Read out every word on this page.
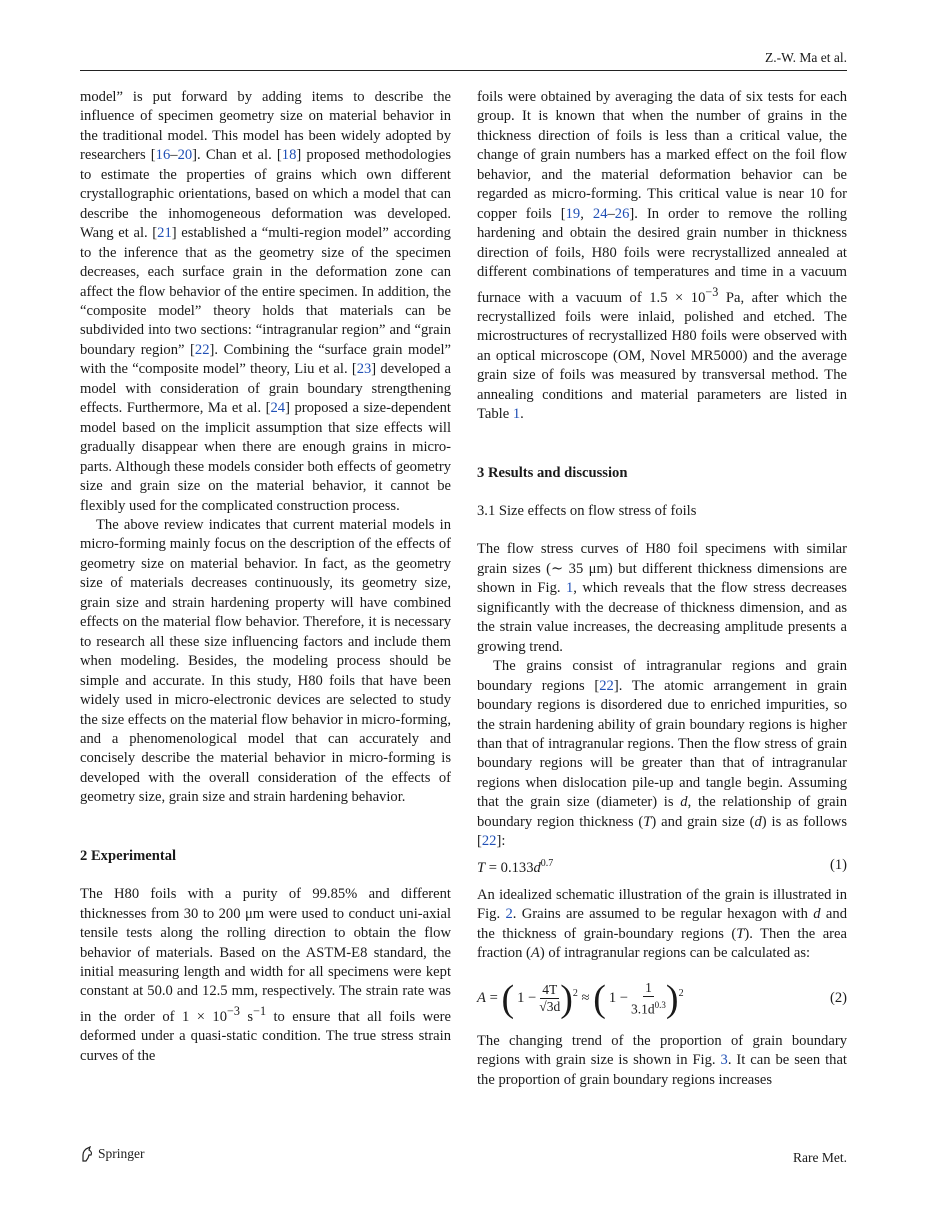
Z.-W. Ma et al.

model” is put forward by adding items to describe the influence of specimen geometry size on material behavior in the traditional model. This model has been widely adopted by researchers [16–20]. Chan et al. [18] proposed methodologies to estimate the properties of grains which own different crystallographic orientations, based on which a model that can describe the inhomogeneous deformation was developed. Wang et al. [21] established a “multi-region model” according to the inference that as the geometry size of the specimen decreases, each surface grain in the deformation zone can affect the flow behavior of the entire specimen. In addition, the “composite model” theory holds that materials can be subdivided into two sections: “intragranular region” and “grain boundary region” [22]. Combining the “surface grain model” with the “composite model” theory, Liu et al. [23] developed a model with consideration of grain boundary strengthening effects. Furthermore, Ma et al. [24] proposed a size-dependent model based on the implicit assumption that size effects will gradually disappear when there are enough grains in micro-parts. Although these models consider both effects of geometry size and grain size on the material behavior, it cannot be flexibly used for the complicated construction process.

The above review indicates that current material models in micro-forming mainly focus on the description of the effects of geometry size on material behavior. In fact, as the geometry size of materials decreases continuously, its geometry size, grain size and strain hardening property will have combined effects on the material flow behavior. Therefore, it is necessary to research all these size influencing factors and include them when modeling. Besides, the modeling process should be simple and accurate. In this study, H80 foils that have been widely used in micro-electronic devices are selected to study the size effects on the material flow behavior in micro-forming, and a phenomenological model that can accurately and concisely describe the material behavior in micro-forming is developed with the overall consideration of the effects of geometry size, grain size and strain hardening behavior.

2 Experimental

The H80 foils with a purity of 99.85% and different thicknesses from 30 to 200 μm were used to conduct uni-axial tensile tests along the rolling direction to obtain the flow behavior of materials. Based on the ASTM-E8 standard, the initial measuring length and width for all specimens were kept constant at 50.0 and 12.5 mm, respectively. The strain rate was in the order of $1 \times 10^{-3}$ $s^{-1}$ to ensure that all foils were deformed under a quasi-static condition. The true stress strain curves of the

foils were obtained by averaging the data of six tests for each group. It is known that when the number of grains in the thickness direction of foils is less than a critical value, the change of grain numbers has a marked effect on the foil flow behavior, and the material deformation behavior can be regarded as micro-forming. This critical value is near 10 for copper foils [19, 24–26]. In order to remove the rolling hardening and obtain the desired grain number in thickness direction of foils, H80 foils were recrystallized annealed at different combinations of temperatures and time in a vacuum furnace with a vacuum of $1.5 \times 10^{-3}$ Pa, after which the recrystallized foils were inlaid, polished and etched. The microstructures of recrystallized H80 foils were observed with an optical microscope (OM, Novel MR5000) and the average grain size of foils was measured by transversal method. The annealing conditions and material parameters are listed in Table 1.

3 Results and discussion

3.1 Size effects on flow stress of foils

The flow stress curves of H80 foil specimens with similar grain sizes (∼ 35 μm) but different thickness dimensions are shown in Fig. 1, which reveals that the flow stress decreases significantly with the decrease of thickness dimension, and as the strain value increases, the decreasing amplitude presents a growing trend.

The grains consist of intragranular regions and grain boundary regions [22]. The atomic arrangement in grain boundary regions is disordered due to enriched impurities, so the strain hardening ability of grain boundary regions is higher than that of intragranular regions. Then the flow stress of grain boundary regions will be greater than that of intragranular regions when dislocation pile-up and tangle begin. Assuming that the grain size (diameter) is d, the relationship of grain boundary region thickness (T) and grain size (d) is as follows [22]:

$T = 0.133d^{0.7}$	(1)

An idealized schematic illustration of the grain is illustrated in Fig. 2. Grains are assumed to be regular hexagon with d and the thickness of grain-boundary regions (T). Then the area fraction (A) of intragranular regions can be calculated as:

A = ( $1 - \frac{4T}{√3d} )^2$ ≈ ( $1 - \frac{1}{3.1d^{0.3}} )^2$	(2)

The changing trend of the proportion of grain boundary regions with grain size is shown in Fig. 3. It can be seen that the proportion of grain boundary regions increases

Springer	Rare Met.
